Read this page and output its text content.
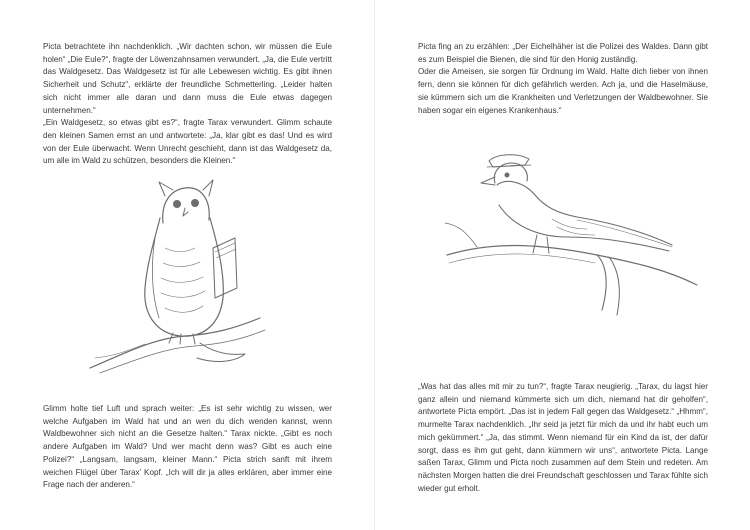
Picta betrachtete ihn nachdenklich. „Wir dachten schon, wir müssen die Eule holen“ „Die Eule?“, fragte der Löwenzahnsamen verwundert. „Ja, die Eule vertritt das Waldgesetz. Das Waldgesetz ist für alle Lebewesen wichtig. Es gibt ihnen Sicherheit und Schutz“, erklärte der freundliche Schmetterling. „Leider halten sich nicht immer alle daran und dann muss die Eule etwas dagegen unternehmen.“

„Ein Waldgesetz, so etwas gibt es?“, fragte Tarax verwundert. Glimm schaute den kleinen Samen ernst an und antwortete: „Ja, klar gibt es das! Und es wird von der Eule überwacht. Wenn Unrecht geschieht, dann ist das Waldgesetz da, um alle im Wald zu schützen, besonders die Kleinen.“

Glimm holte tief Luft und sprach weiter: „Es ist sehr wichtig zu wissen, wer welche Aufgaben im Wald hat und an wen du dich wenden kannst, wenn Waldbewohner sich nicht an die Gesetze halten.“ Tarax nickte. „Gibt es noch andere Aufgaben im Wald? Und wer macht denn was? Gibt es auch eine Polizei?“ „Langsam, langsam, kleiner Mann.“ Picta strich sanft mit ihrem weichen Flügel über Tarax’ Kopf. „Ich will dir ja alles erklären, aber immer eine Frage nach der anderen.“

Picta fing an zu erzählen: „Der Eichelhäher ist die Polizei des Waldes. Dann gibt es zum Beispiel die Bienen, die sind für den Honig zuständig.

Oder die Ameisen, sie sorgen für Ordnung im Wald. Halte dich lieber von ihnen fern, denn sie können für dich gefährlich werden. Ach ja, und die Haselmäuse, sie kümmern sich um die Krankheiten und Verletzungen der Waldbewohner. Sie haben sogar ein eigenes Krankenhaus.“

„Was hat das alles mit mir zu tun?“, fragte Tarax neugierig. „Tarax, du lagst hier ganz allein und niemand kümmerte sich um dich, niemand hat dir geholfen“, antwortete Picta empört. „Das ist in jedem Fall gegen das Waldgesetz.“ „Hhmm“, murmelte Tarax nachdenklich. „Ihr seid ja jetzt für mich da und ihr habt euch um mich gekümmert.“ „Ja, das stimmt. Wenn niemand für ein Kind da ist, der dafür sorgt, dass es ihm gut geht, dann kümmern wir uns“, antwortete Picta. Lange saßen Tarax, Glimm und Picta noch zusammen auf dem Stein und redeten. Am nächsten Morgen hatten die drei Freundschaft geschlossen und Tarax fühlte sich wieder gut erholt.
